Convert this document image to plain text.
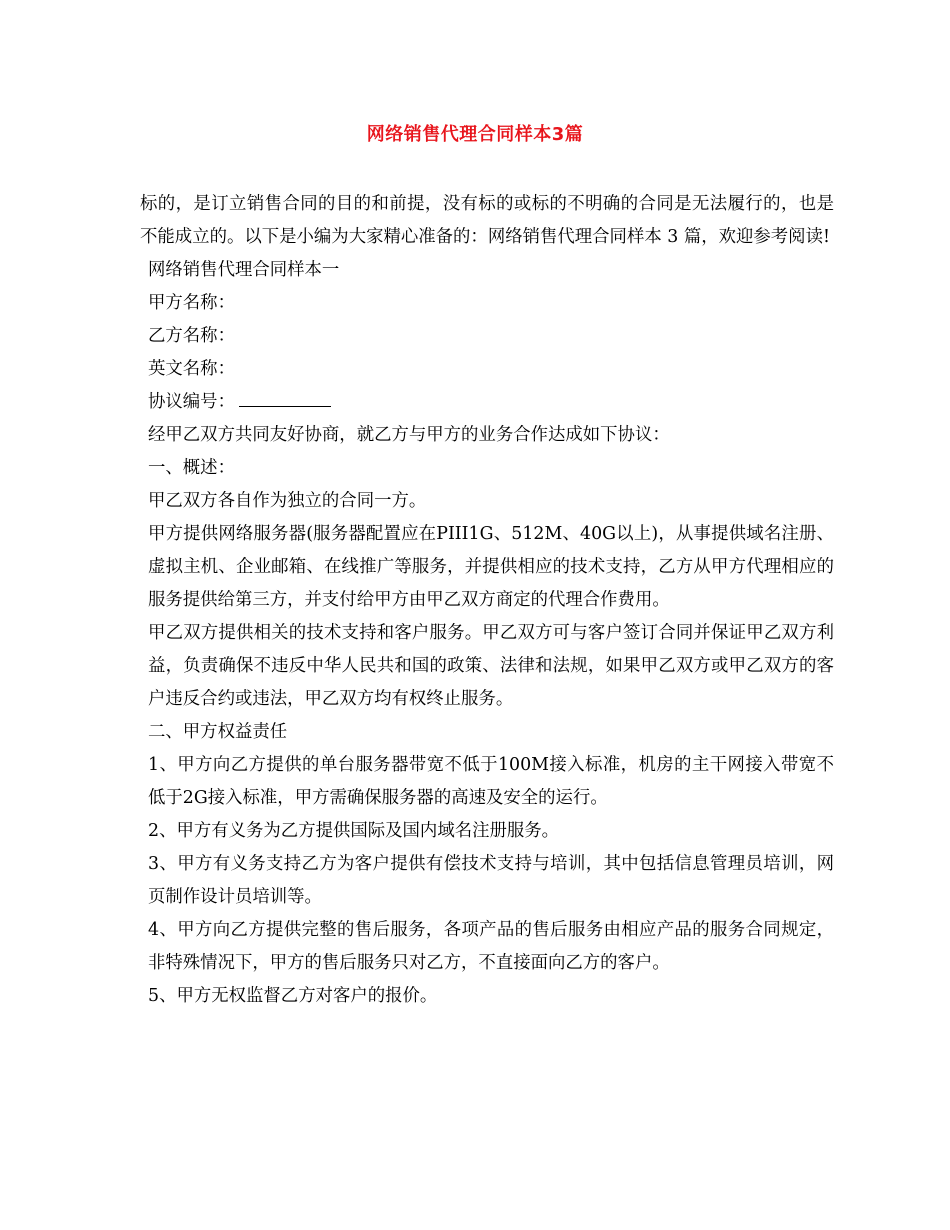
网络销售代理合同样本3篇

标的，是订立销售合同的目的和前提，没有标的或标的不明确的合同是无法履行的，也是不能成立的。以下是小编为大家精心准备的：网络销售代理合同样本 3 篇，欢迎参考阅读!

网络销售代理合同样本一

甲方名称：

乙方名称：

英文名称：

协议编号：

经甲乙双方共同友好协商，就乙方与甲方的业务合作达成如下协议：

一、概述：

甲乙双方各自作为独立的合同一方。

甲方提供网络服务器(服务器配置应在PIII1G、512M、40G以上)，从事提供域名注册、虚拟主机、企业邮箱、在线推广等服务，并提供相应的技术支持，乙方从甲方代理相应的服务提供给第三方，并支付给甲方由甲乙双方商定的代理合作费用。

甲乙双方提供相关的技术支持和客户服务。甲乙双方可与客户签订合同并保证甲乙双方利益，负责确保不违反中华人民共和国的政策、法律和法规，如果甲乙双方或甲乙双方的客户违反合约或违法，甲乙双方均有权终止服务。

二、甲方权益责任

1、甲方向乙方提供的单台服务器带宽不低于100M接入标准，机房的主干网接入带宽不低于2G接入标准，甲方需确保服务器的高速及安全的运行。

2、甲方有义务为乙方提供国际及国内域名注册服务。

3、甲方有义务支持乙方为客户提供有偿技术支持与培训，其中包括信息管理员培训，网页制作设计员培训等。

4、甲方向乙方提供完整的售后服务，各项产品的售后服务由相应产品的服务合同规定，非特殊情况下，甲方的售后服务只对乙方，不直接面向乙方的客户。

5、甲方无权监督乙方对客户的报价。
